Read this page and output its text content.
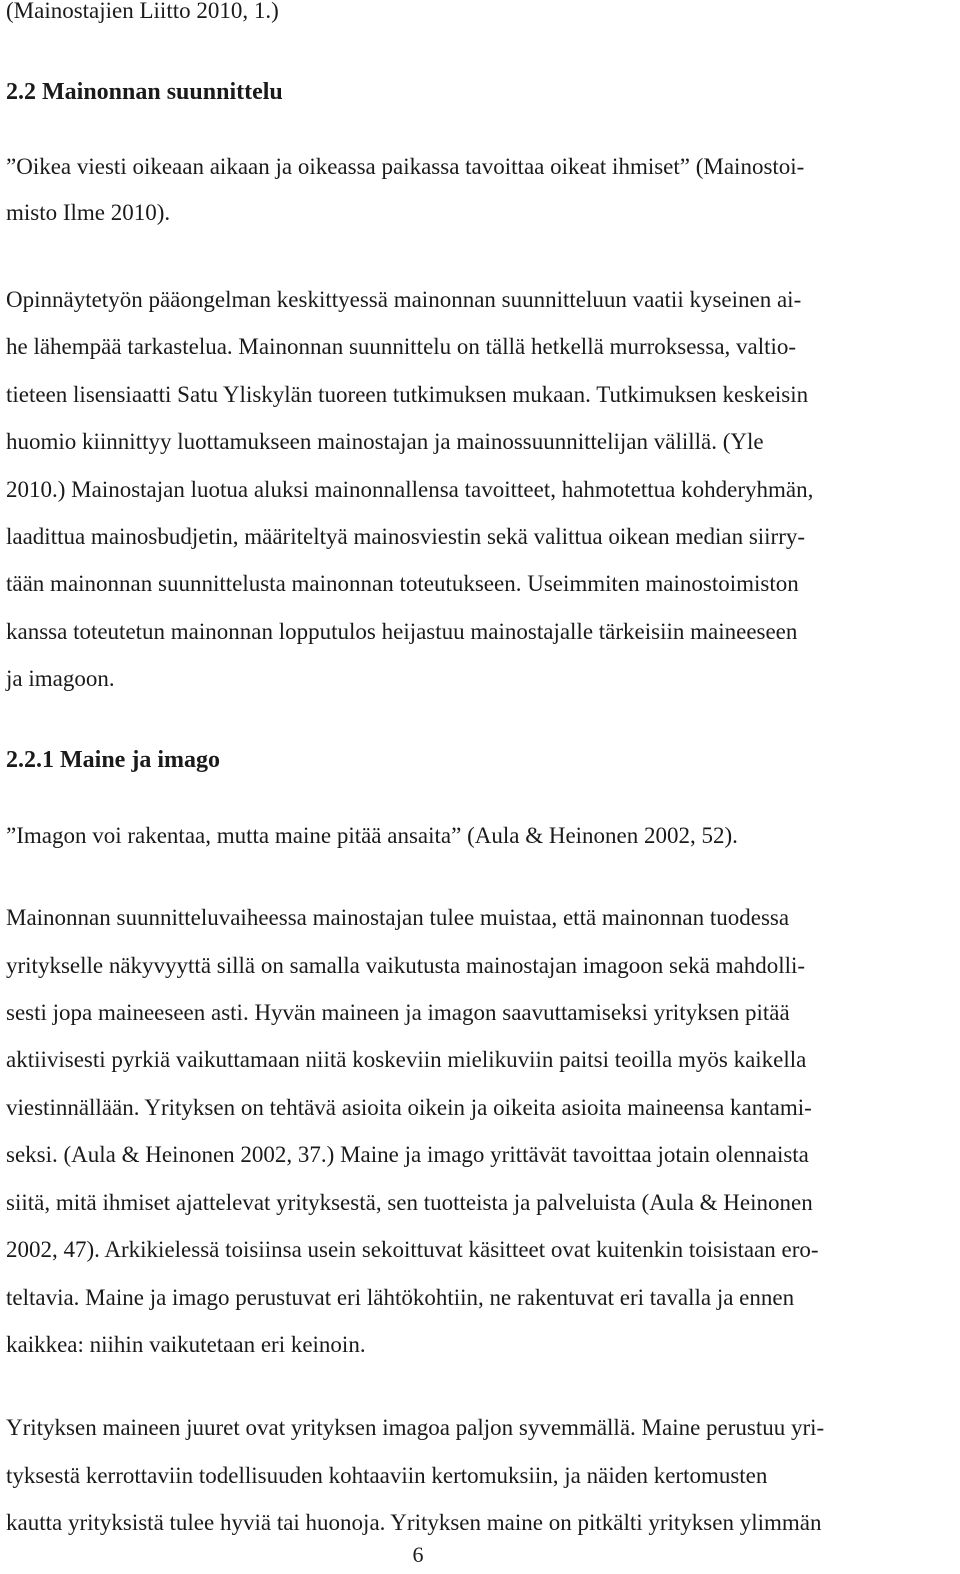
(Mainostajien Liitto 2010, 1.)
2.2 Mainonnan suunnittelu
”Oikea viesti oikeaan aikaan ja oikeassa paikassa tavoittaa oikeat ihmiset” (Mainostoi-
misto Ilme 2010).
Opinnäytetyön pääongelman keskittyessä mainonnan suunnitteluun vaatii kyseinen ai-
he lähempää tarkastelua. Mainonnan suunnittelu on tällä hetkellä murroksessa, valtio-
tieteen lisensiaatti Satu Yliskylän tuoreen tutkimuksen mukaan. Tutkimuksen keskeisin
huomio kiinnittyy luottamukseen mainostajan ja mainossuunnittelijan välillä. (Yle
2010.) Mainostajan luotua aluksi mainonnallensa tavoitteet, hahmotettua kohderyhmän,
laadittua mainosbudjetin, määriteltyä mainosviestin sekä valittua oikean median siirry-
tään mainonnan suunnittelusta mainonnan toteutukseen. Useimmiten mainostoimiston
kanssa toteutetun mainonnan lopputulos heijastuu mainostajalle tärkeisiin maineeseen
ja imagoon.
2.2.1 Maine ja imago
”Imagon voi rakentaa, mutta maine pitää ansaita” (Aula & Heinonen 2002, 52).
Mainonnan suunnitteluvaiheessa mainostajan tulee muistaa, että mainonnan tuodessa
yritykselle näkyvyyttä sillä on samalla vaikutusta mainostajan imagoon sekä mahdolli-
sesti jopa maineeseen asti. Hyvän maineen ja imagon saavuttamiseksi yrityksen pitää
aktiivisesti pyrkiä vaikuttamaan niitä koskeviin mielikuviin paitsi teoilla myös kaikella
viestinnällään. Yrityksen on tehtävä asioita oikein ja oikeita asioita maineensa kantami-
seksi. (Aula & Heinonen 2002, 37.) Maine ja imago yrittävät tavoittaa jotain olennaista
siitä, mitä ihmiset ajattelevat yrityksestä, sen tuotteista ja palveluista (Aula & Heinonen
2002, 47). Arkikielessä toisiinsa usein sekoittuvat käsitteet ovat kuitenkin toisistaan ero-
teltavia. Maine ja imago perustuvat eri lähtökohtiin, ne rakentuvat eri tavalla ja ennen
kaikkea: niihin vaikutetaan eri keinoin.
Yrityksen maineen juuret ovat yrityksen imagoa paljon syvemmällä. Maine perustuu yri-
tyksestä kerrottaviin todellisuuden kohtaaviin kertomuksiin, ja näiden kertomusten
kautta yrityksistä tulee hyviä tai huonoja. Yrityksen maine on pitkälti yrityksen ylimmän
6
